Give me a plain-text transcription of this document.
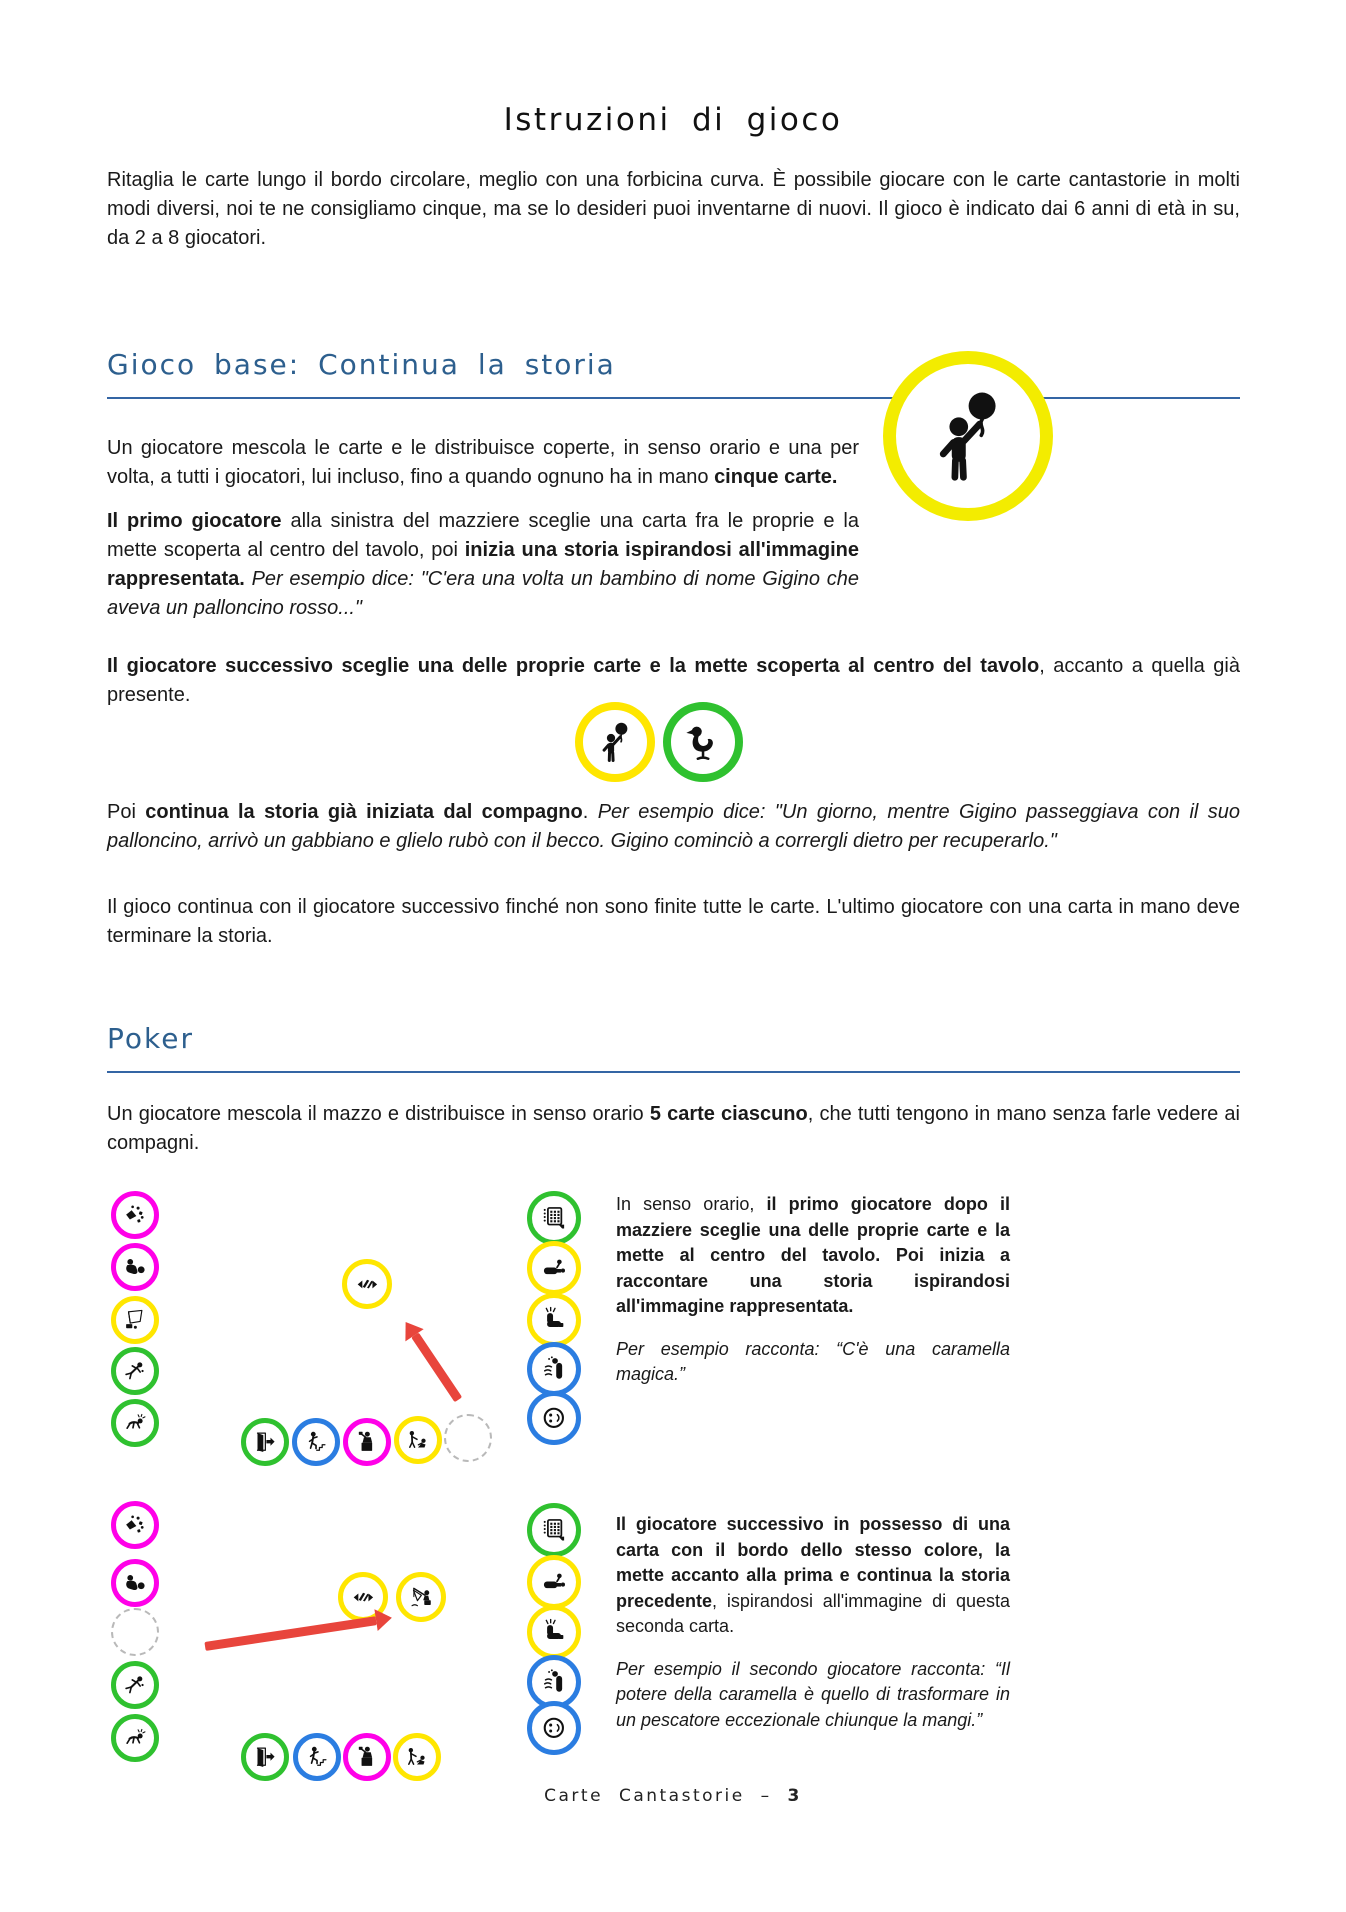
Istruzioni di gioco

Ritaglia le carte lungo il bordo circolare, meglio con una forbicina curva. È possibile giocare con le carte cantastorie in molti modi diversi, noi te ne consigliamo cinque, ma se lo desideri puoi inventarne di nuovi. Il gioco è indicato dai 6 anni di età in su, da 2 a 8 giocatori.

Gioco base: Continua la storia

Un giocatore mescola le carte e le distribuisce coperte, in senso orario e una per volta, a tutti i giocatori, lui incluso, fino a quando ognuno ha in mano cinque carte.

Il primo giocatore alla sinistra del mazziere sceglie una carta fra le proprie e la mette scoperta al centro del tavolo, poi inizia una storia ispirandosi all'immagine rappresentata. Per esempio dice: "C'era una volta un bambino di nome Gigino che aveva un palloncino rosso..."

Il giocatore successivo sceglie una delle proprie carte e la mette scoperta al centro del tavolo, accanto a quella già presente.

Poi continua la storia già iniziata dal compagno. Per esempio dice: "Un giorno, mentre Gigino passeggiava con il suo palloncino, arrivò un gabbiano e glielo rubò con il becco. Gigino cominciò a corrergli dietro per recuperarlo."

Il gioco continua con il giocatore successivo finché non sono finite tutte le carte. L'ultimo giocatore con una carta in mano deve terminare la storia.

Poker

Un giocatore mescola il mazzo e distribuisce in senso orario 5 carte ciascuno, che tutti tengono in mano senza farle vedere ai compagni.

In senso orario, il primo giocatore dopo il mazziere sceglie una delle proprie carte e la mette al centro del tavolo. Poi inizia a raccontare una storia ispirandosi all'immagine rappresentata.

Per esempio racconta: “C'è una caramella magica.”

Il giocatore successivo in possesso di una carta con il bordo dello stesso colore, la mette accanto alla prima e continua la storia precedente, ispirandosi all'immagine di questa seconda carta.

Per esempio il secondo giocatore racconta: “Il potere della caramella è quello di trasformare in un pescatore eccezionale chiunque la mangi.”

Carte Cantastorie – 3
